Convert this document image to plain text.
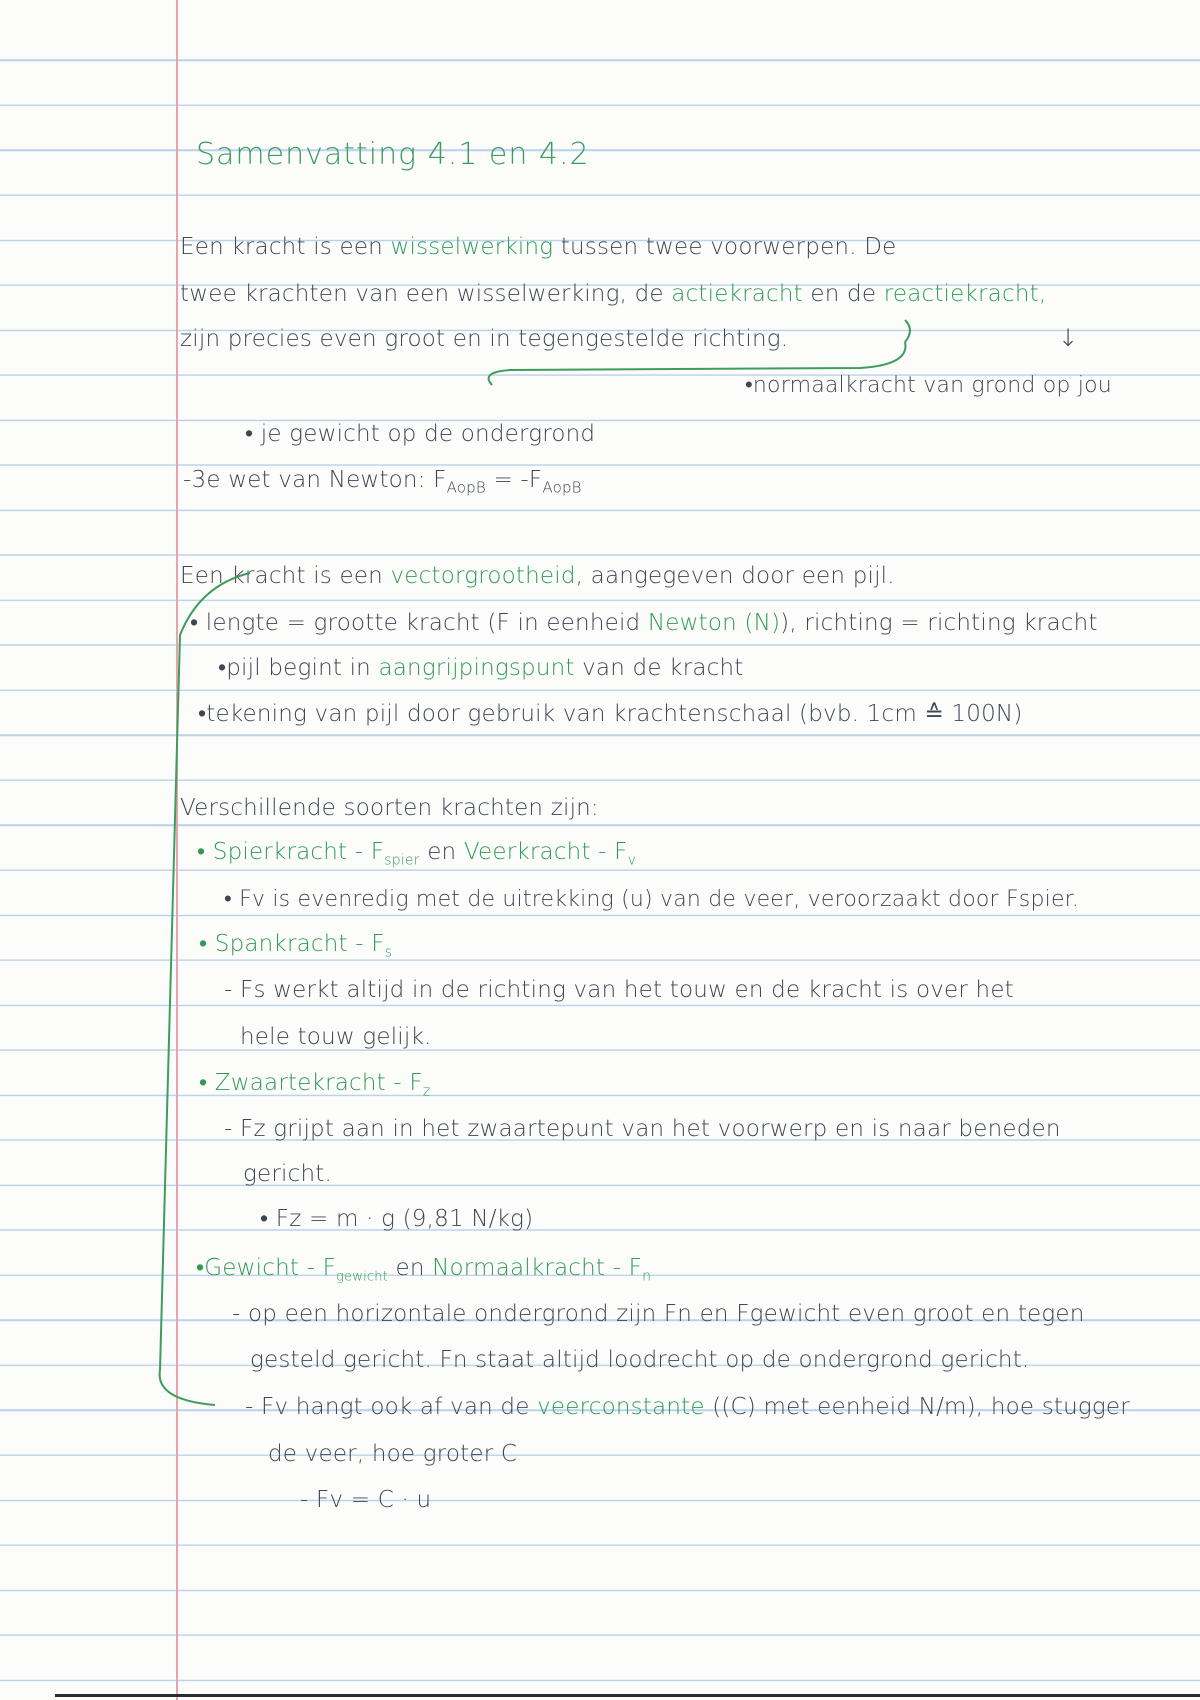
Samenvatting 4.1 en 4.2
Een kracht is een wisselwerking tussen twee voorwerpen. De
twee krachten van een wisselwerking, de actiekracht en de reactiekracht,
zijn precies even groot en in tegengestelde richting.	↓
•normaalkracht van grond op jou
• je gewicht op de ondergrond
-3e wet van Newton: $F_{AopB} = -F_{AopB}$
Een kracht is een vectorgrootheid, aangegeven door een pijl.
• lengte = grootte kracht (F in eenheid Newton (N)), richting = richting kracht
•pijl begint in aangrijpingspunt van de kracht
•tekening van pijl door gebruik van krachtenschaal (bvb. 1cm ≙ 100N)
Verschillende soorten krachten zijn:
• Spierkracht - $F_{spier}$ en Veerkracht - $F_v$
• Fv is evenredig met de uitrekking (u) van de veer, veroorzaakt door Fspier.
• Spankracht - $F_s$
- Fs werkt altijd in de richting van het touw en de kracht is over het
hele touw gelijk.
• Zwaartekracht - $F_z$
- Fz grijpt aan in het zwaartepunt van het voorwerp en is naar beneden
gericht.
• Fz = m · g (9,81 N/kg)
•Gewicht - $F_{gewicht}$ en Normaalkracht - $F_n$
- op een horizontale ondergrond zijn Fn en Fgewicht even groot en tegen
gesteld gericht. Fn staat altijd loodrecht op de ondergrond gericht.
- Fv hangt ook af van de veerconstante ((C) met eenheid N/m), hoe stugger
de veer, hoe groter C
- Fv = C · u
